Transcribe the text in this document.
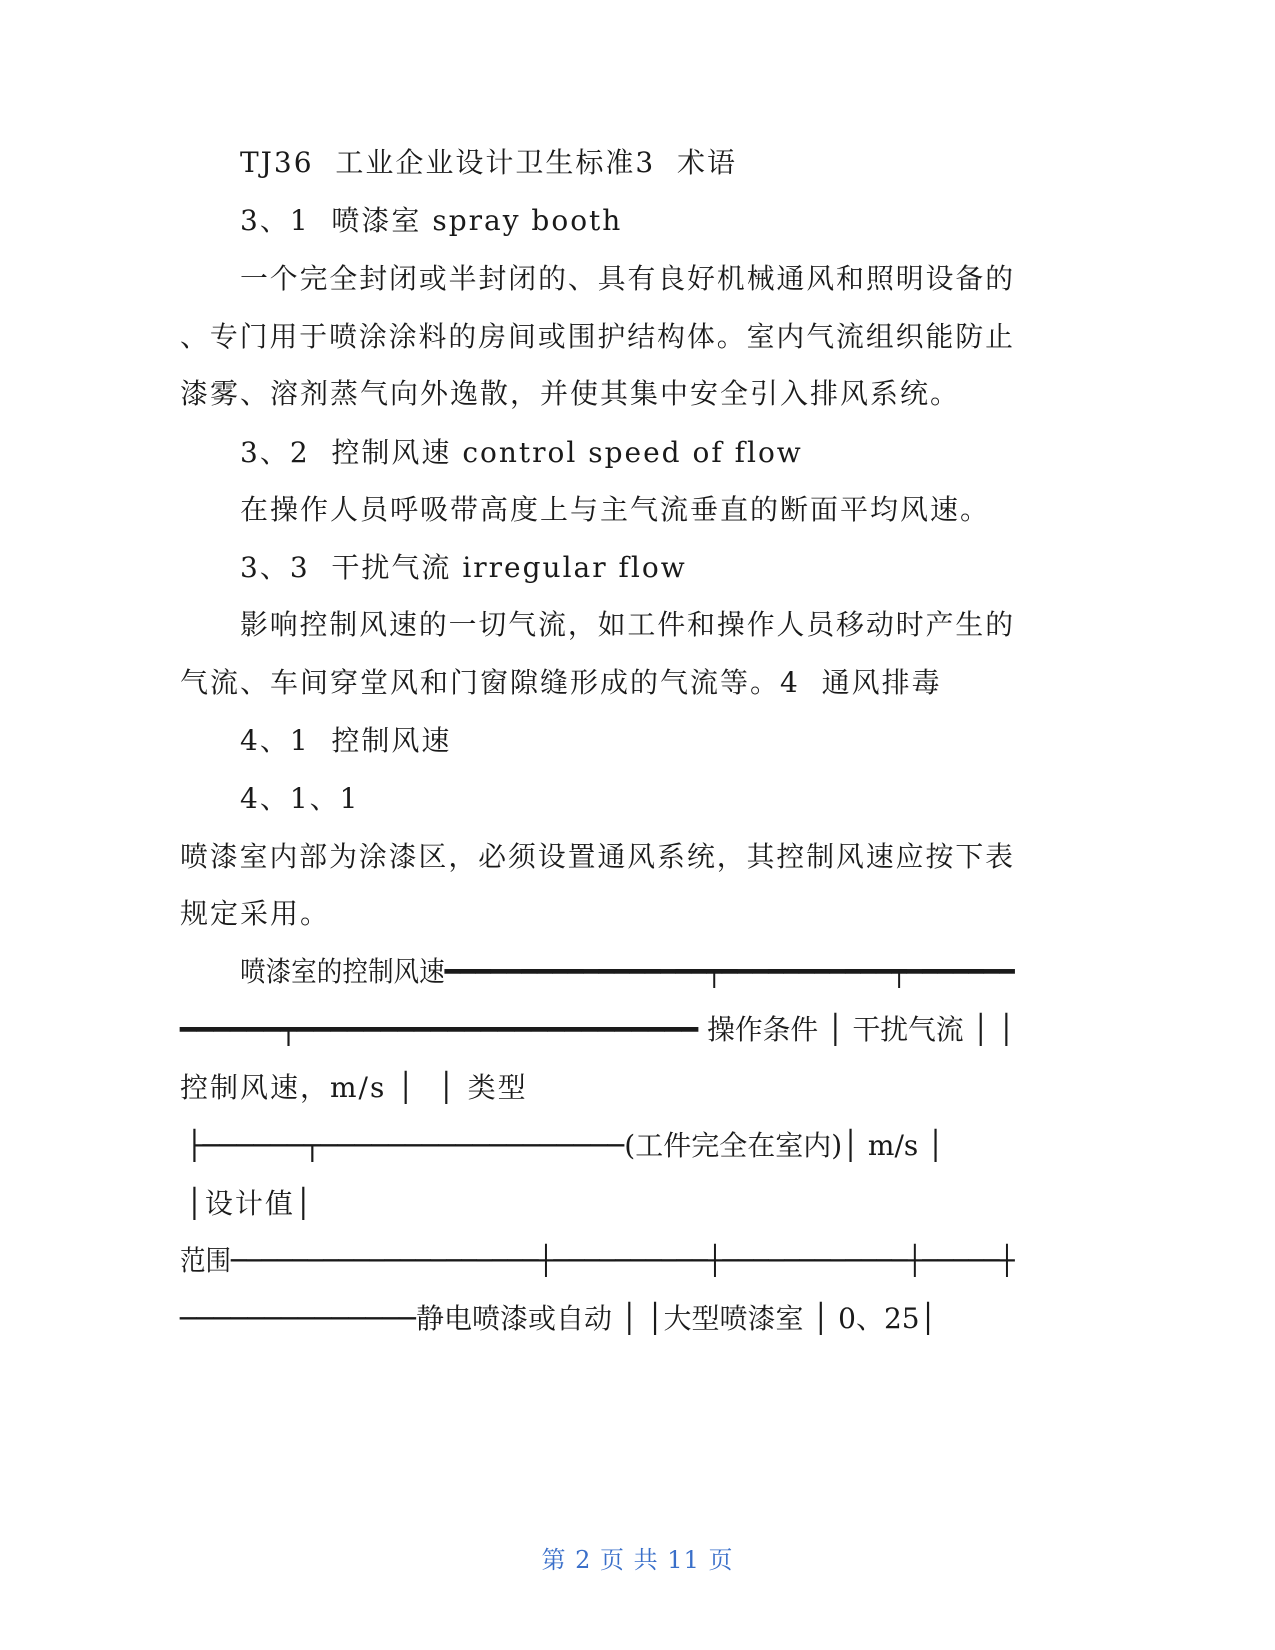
TJ36  工业企业设计卫生标准3  术语
3、1  喷漆室 spray booth
一个完全封闭或半封闭的、具有良好机械通风和照明设备的
、专门用于喷涂涂料的房间或围护结构体。室内气流组织能防止
漆雾、溶剂蒸气向外逸散，并使其集中安全引入排风系统。
3、2  控制风速 control speed of flow
在操作人员呼吸带高度上与主气流垂直的断面平均风速。
3、3  干扰气流 irregular flow
影响控制风速的一切气流，如工件和操作人员移动时产生的
气流、车间穿堂风和门窗隙缝形成的气流等。4  通风排毒
4、1  控制风速
4、1、1
喷漆室内部为涂漆区，必须设置通风系统，其控制风速应按下表
规定采用。
喷漆室的控制风速━━━━━━━━━━━━━━━━━┯━━━━━━━━━━━┯━━━━━━━
━━━━━━┯━━━━━━━━━━━━━━━━━━━━━━━━ 操作条件 │ 干扰气流 │ │
控制风速，m/s │  │ 类型
├──────┬──────────────────(工件完全在室内)│ m/s │
│设计值│
范围────────────────────┼──────────┼────────────┼─────┼
──────────────静电喷漆或自动 │ │大型喷漆室 │ 0、25│
第 2 页 共 11 页
